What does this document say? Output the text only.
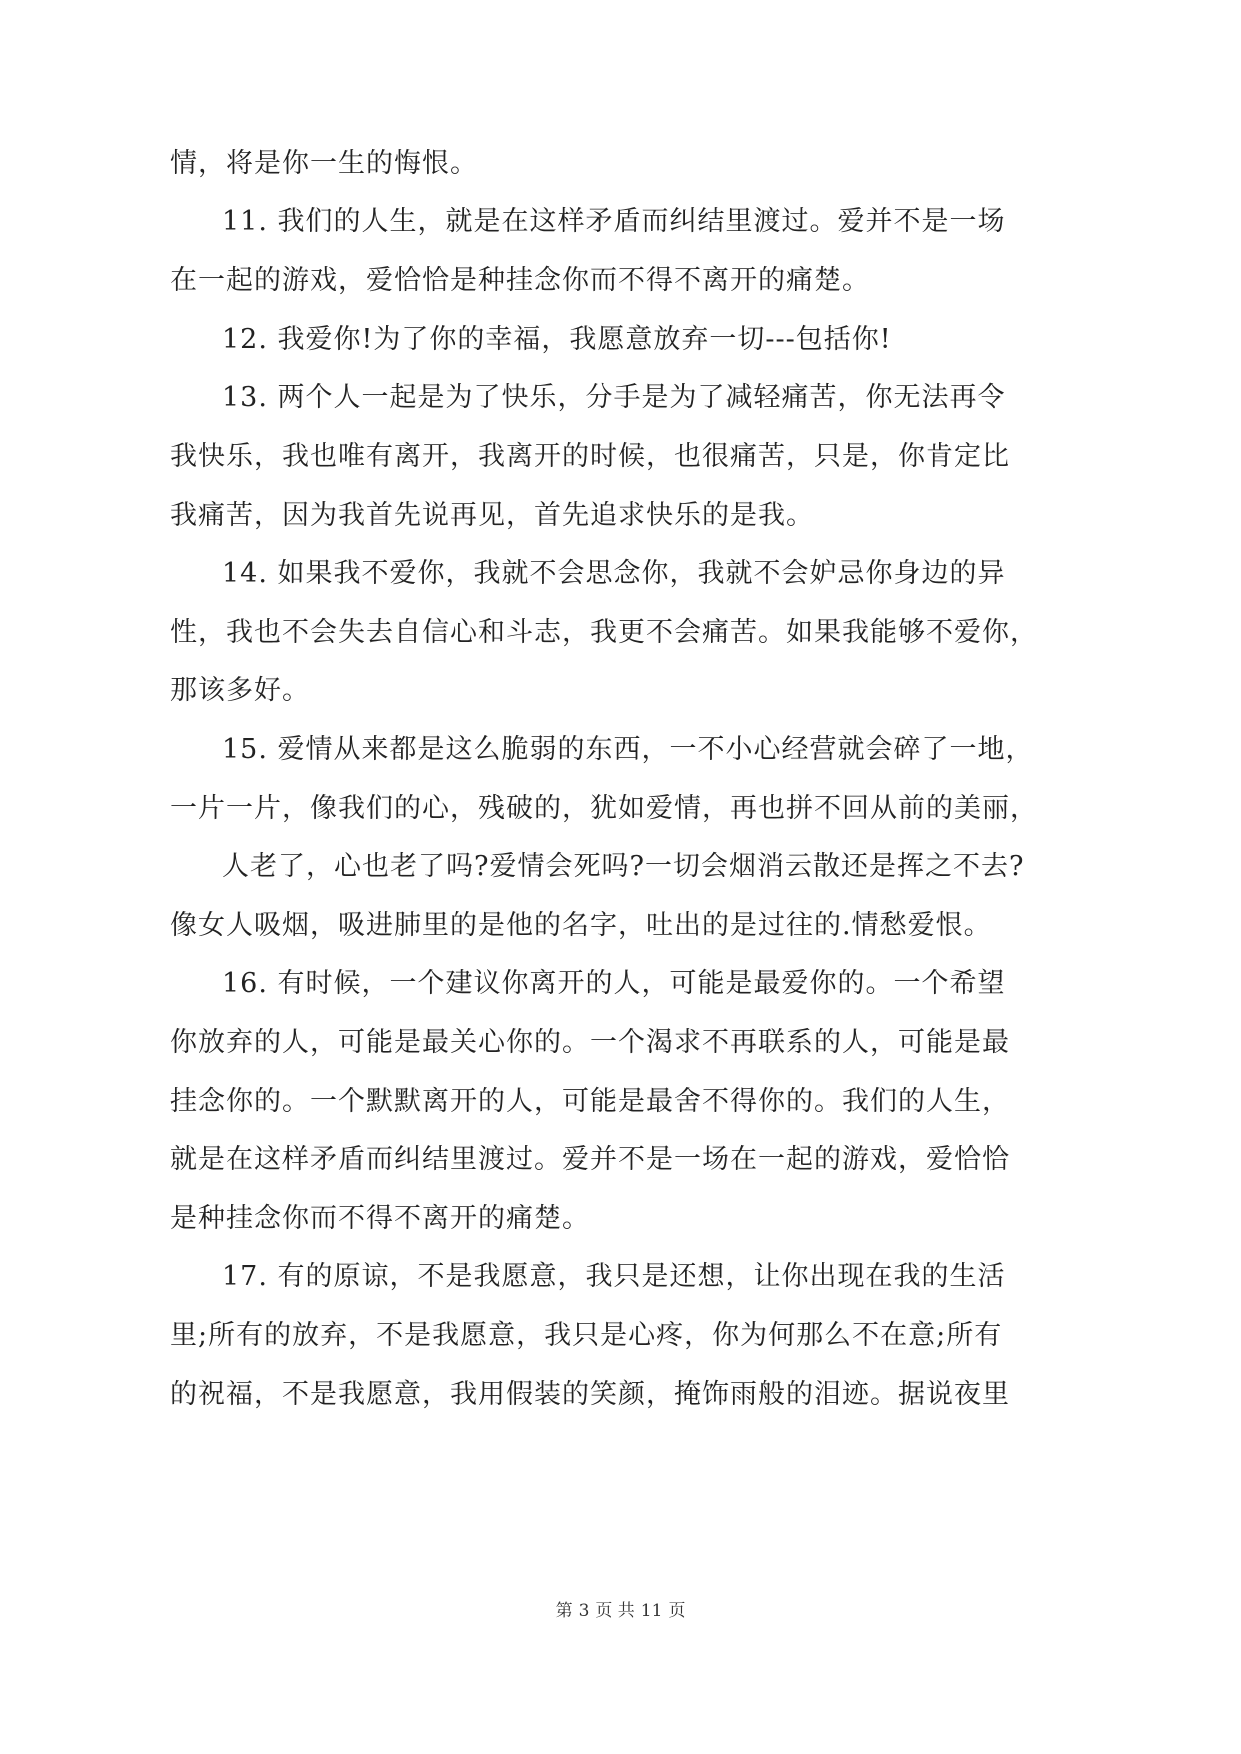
情，将是你一生的悔恨。
11. 我们的人生，就是在这样矛盾而纠结里渡过。爱并不是一场
在一起的游戏，爱恰恰是种挂念你而不得不离开的痛楚。
12. 我爱你!为了你的幸福，我愿意放弃一切---包括你!
13. 两个人一起是为了快乐，分手是为了减轻痛苦，你无法再令
我快乐，我也唯有离开，我离开的时候，也很痛苦，只是，你肯定比
我痛苦，因为我首先说再见，首先追求快乐的是我。
14. 如果我不爱你，我就不会思念你，我就不会妒忌你身边的异
性，我也不会失去自信心和斗志，我更不会痛苦。如果我能够不爱你，
那该多好。
15. 爱情从来都是这么脆弱的东西，一不小心经营就会碎了一地，
一片一片，像我们的心，残破的，犹如爱情，再也拼不回从前的美丽，
人老了，心也老了吗?爱情会死吗?一切会烟消云散还是挥之不去?
像女人吸烟，吸进肺里的是他的名字，吐出的是过往的.情愁爱恨。
16. 有时候，一个建议你离开的人，可能是最爱你的。一个希望
你放弃的人，可能是最关心你的。一个渴求不再联系的人，可能是最
挂念你的。一个默默离开的人，可能是最舍不得你的。我们的人生，
就是在这样矛盾而纠结里渡过。爱并不是一场在一起的游戏，爱恰恰
是种挂念你而不得不离开的痛楚。
17. 有的原谅，不是我愿意，我只是还想，让你出现在我的生活
里;所有的放弃，不是我愿意，我只是心疼，你为何那么不在意;所有
的祝福，不是我愿意，我用假装的笑颜，掩饰雨般的泪迹。据说夜里
第 3 页 共 11 页
